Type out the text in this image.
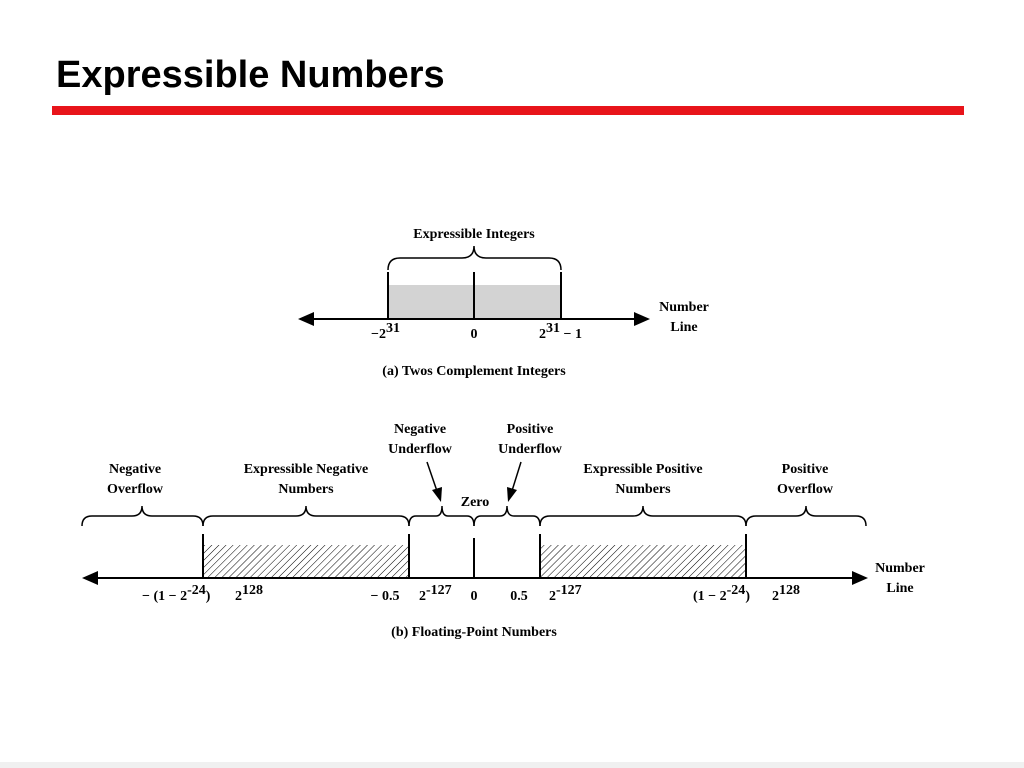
Expressible Numbers
Expressible Integers
Number
Line
−231	0	231 − 1
(a) Twos Complement Integers
Negative
Overflow
Expressible Negative
Numbers
Negative
Underflow
Zero
Positive
Underflow
Expressible Positive
Numbers
Positive
Overflow
Number
Line
− (1 − 2-24) 2128	− 0.5 2-127 0 0.5 2-127	(1 − 2-24) 2128
(b) Floating-Point Numbers
